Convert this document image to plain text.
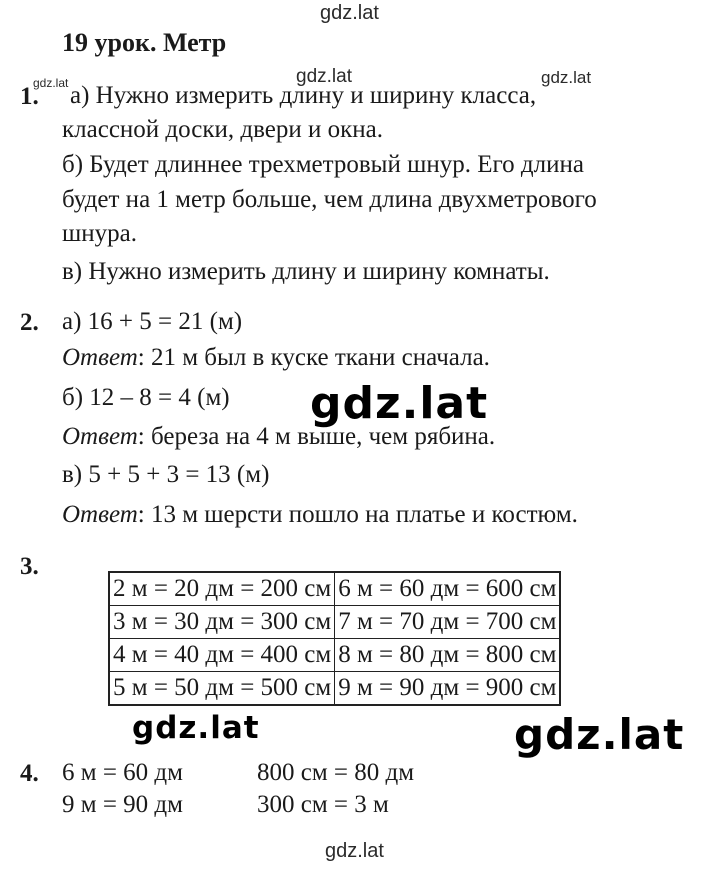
gdz.lat
gdz.lat	gdz.lat	gdz.lat
19 урок. Метр
1. а) Нужно измерить длину и ширину класса,
классной доски, двери и окна.
б) Будет длиннее трехметровый шнур. Его длина
будет на 1 метр больше, чем длина двухметрового
шнура.
в) Нужно измерить длину и ширину комнаты.
2. а) 16 + 5 = 21 (м)
Ответ: 21 м был в куске ткани сначала.
б) 12 – 8 = 4 (м)
Ответ: береза на 4 м выше, чем рябина.
в) 5 + 5 + 3 = 13 (м)
Ответ: 13 м шерсти пошло на платье и костюм.
gdz.lat
3.
2 м = 20 дм = 200 см	6 м = 60 дм = 600 см
3 м = 30 дм = 300 см	7 м = 70 дм = 700 см
4 м = 40 дм = 400 см	8 м = 80 дм = 800 см
5 м = 50 дм = 500 см	9 м = 90 дм = 900 см
gdz.lat	gdz.lat
4. 6 м = 60 дм	800 см = 80 дм
9 м = 90 дм	300 см = 3 м
gdz.lat
